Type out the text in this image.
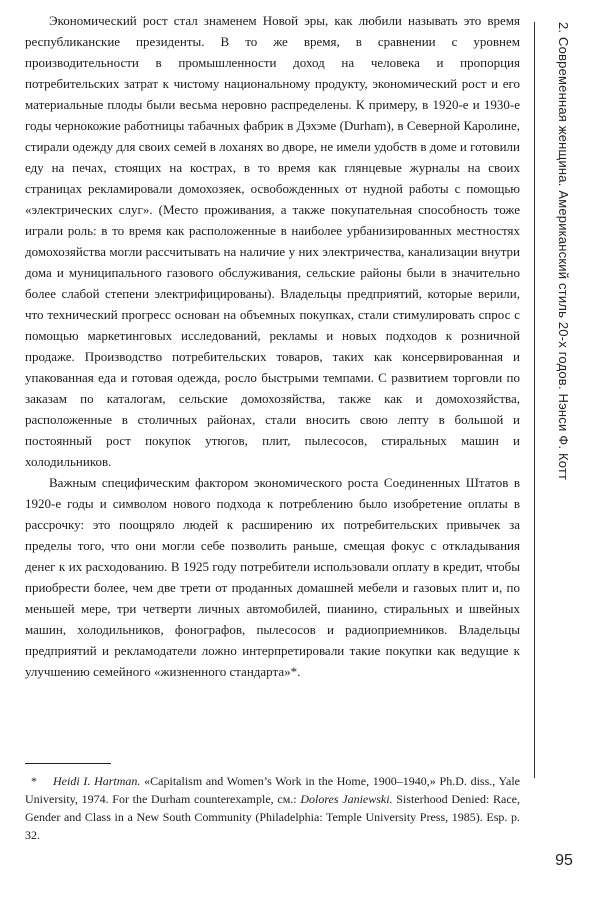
Экономический рост стал знаменем Новой эры, как любили называть это время республиканские президенты. В то же время, в сравнении с уровнем производительности в промышленности доход на человека и пропорция потребительских затрат к чистому национальному продукту, экономический рост и его материальные плоды были весьма неровно распределены. К примеру, в 1920-е и 1930-е годы чернокожие работницы табачных фабрик в Дэхэме (Durham), в Северной Каролине, стирали одежду для своих семей в лоханях во дворе, не имели удобств в доме и готовили еду на печах, стоящих на кострах, в то время как глянцевые журналы на своих страницах рекламировали домохозяек, освобожденных от нудной работы с помощью «электрических слуг». (Место проживания, а также покупательная способность тоже играли роль: в то время как расположенные в наиболее урбанизированных местностях домохозяйства могли рассчитывать на наличие у них электричества, канализации внутри дома и муниципального газового обслуживания, сельские районы были в значительно более слабой степени электрифицированы). Владельцы предприятий, которые верили, что технический прогресс основан на объемных покупках, стали стимулировать спрос с помощью маркетинговых исследований, рекламы и новых подходов к розничной продаже. Производство потребительских товаров, таких как консервированная и упакованная еда и готовая одежда, росло быстрыми темпами. С развитием торговли по заказам по каталогам, сельские домохозяйства, также как и домохозяйства, расположенные в столичных районах, стали вносить свою лепту в большой и постоянный рост покупок утюгов, плит, пылесосов, стиральных машин и холодильников.

Важным специфическим фактором экономического роста Соединенных Штатов в 1920-е годы и символом нового подхода к потреблению было изобретение оплаты в рассрочку: это поощряло людей к расширению их потребительских привычек за пределы того, что они могли себе позволить раньше, смещая фокус с откладывания денег к их расходованию. В 1925 году потребители использовали оплату в кредит, чтобы приобрести более, чем две трети от проданных домашней мебели и газовых плит и, по меньшей мере, три четверти личных автомобилей, пианино, стиральных и швейных машин, холодильников, фонографов, пылесосов и радиоприемников. Владельцы предприятий и рекламодатели ложно интерпретировали такие покупки как ведущие к улучшению семейного «жизненного стандарта»*.

* Heidi I. Hartman. «Capitalism and Women’s Work in the Home, 1900–1940,» Ph.D. diss., Yale University, 1974. For the Durham counterexample, см.: Dolores Janiewski. Sisterhood Denied: Race, Gender and Class in a New South Community (Philadelphia: Temple University Press, 1985). Esp. p. 32.
2. Современная женщина. Американский стиль 20-х годов. Нэнси Ф. Котт
95
